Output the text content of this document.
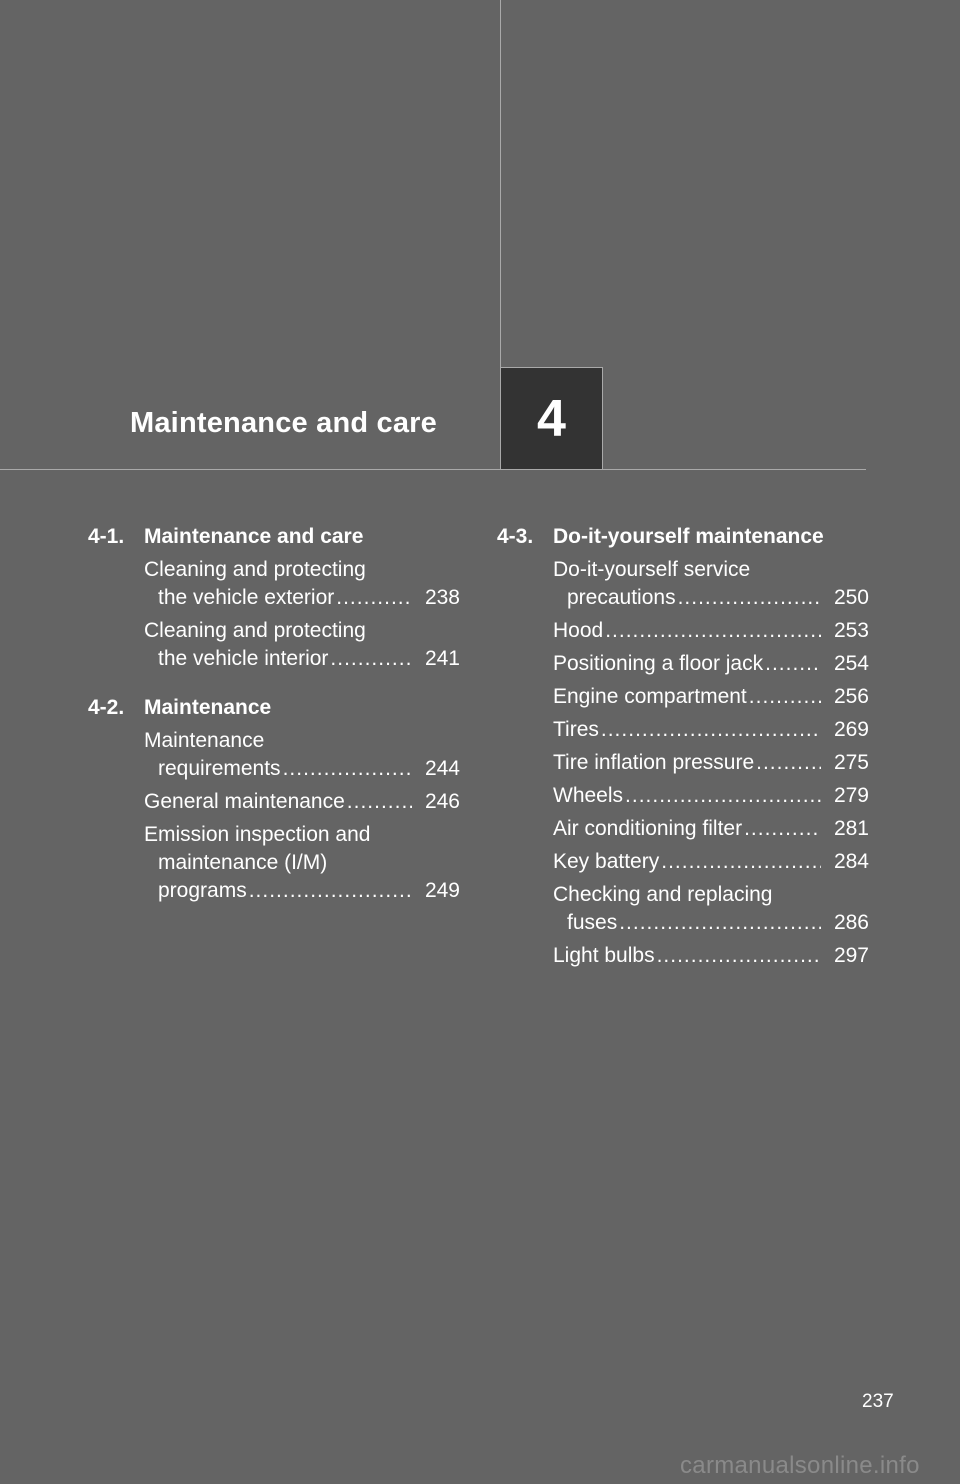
Maintenance and care 4
4-1. Maintenance and care
Cleaning and protecting
the vehicle exterior .....	238
Cleaning and protecting
the vehicle interior .....	241
4-2. Maintenance
Maintenance
requirements .....	244
General maintenance .....	246
Emission inspection and
maintenance (I/M)
programs .....	249
4-3. Do-it-yourself maintenance
Do-it-yourself service
precautions .....	250
Hood .....	253
Positioning a floor jack .....	254
Engine compartment .....	256
Tires .....	269
Tire inflation pressure .....	275
Wheels .....	279
Air conditioning filter .....	281
Key battery .....	284
Checking and replacing
fuses .....	286
Light bulbs .....	297
237
carmanualsonline.info
